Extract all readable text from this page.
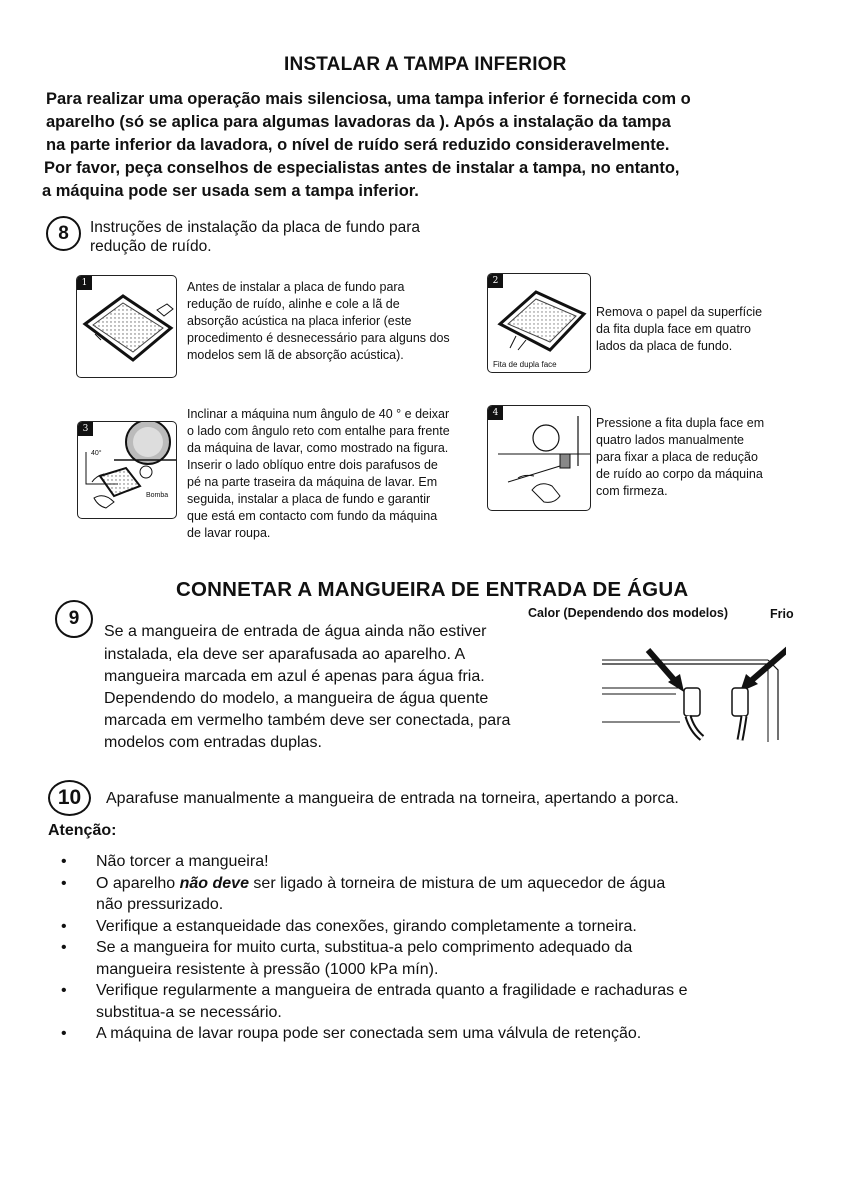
INSTALAR A TAMPA INFERIOR
Para realizar uma operação mais silenciosa, uma tampa inferior é fornecida com o
aparelho (só se aplica para algumas lavadoras da ). Após a instalação da tampa
na parte inferior da lavadora, o nível de ruído será reduzido consideravelmente.
Por favor, peça conselhos de especialistas antes de instalar a tampa, no entanto,
a máquina pode ser usada sem a tampa inferior.
8	Instruções de instalação da placa de fundo para
redução de ruído.
1	Antes de instalar a placa de fundo para
redução de ruído, alinhe e cole a lã de
absorção acústica na placa inferior (este
procedimento é desnecessário para alguns dos
modelos sem lã de absorção acústica).
2
Fita de dupla face
Remova o papel da superfície
da fita dupla face em quatro
lados da placa de fundo.
3
40°
Bomba
Inclinar a máquina num ângulo de 40 ° e deixar
o lado com ângulo reto com entalhe para frente
da máquina de lavar, como mostrado na figura.
Inserir o lado oblíquo entre dois parafusos de
pé na parte traseira da máquina de lavar. Em
seguida, instalar a placa de fundo e garantir
que está em contacto com fundo da máquina
de lavar roupa.
4
Pressione a fita dupla face em
quatro lados manualmente
para fixar a placa de redução
de ruído ao corpo da máquina
com firmeza.
CONNETAR A MANGUEIRA DE ENTRADA DE ÁGUA
9	Calor (Dependendo dos modelos)	Frio
Se a mangueira de entrada de água ainda não estiver
instalada, ela deve ser aparafusada ao aparelho. A
mangueira marcada em azul é apenas para água fria.
Dependendo do modelo, a mangueira de água quente
marcada em vermelho também deve ser conectada, para
modelos com entradas duplas.
10	Aparafuse manualmente a mangueira de entrada na torneira, apertando a porca.
Atenção:
• Não torcer a mangueira!
• O aparelho não deve ser ligado à torneira de mistura de um aquecedor de água
não pressurizado.
• Verifique a estanqueidade das conexões, girando completamente a torneira.
• Se a mangueira for muito curta, substitua-a pelo comprimento adequado da
mangueira resistente à pressão (1000 kPa mín).
• Verifique regularmente a mangueira de entrada quanto a fragilidade e rachaduras e
substitua-a se necessário.
• A máquina de lavar roupa pode ser conectada sem uma válvula de retenção.
